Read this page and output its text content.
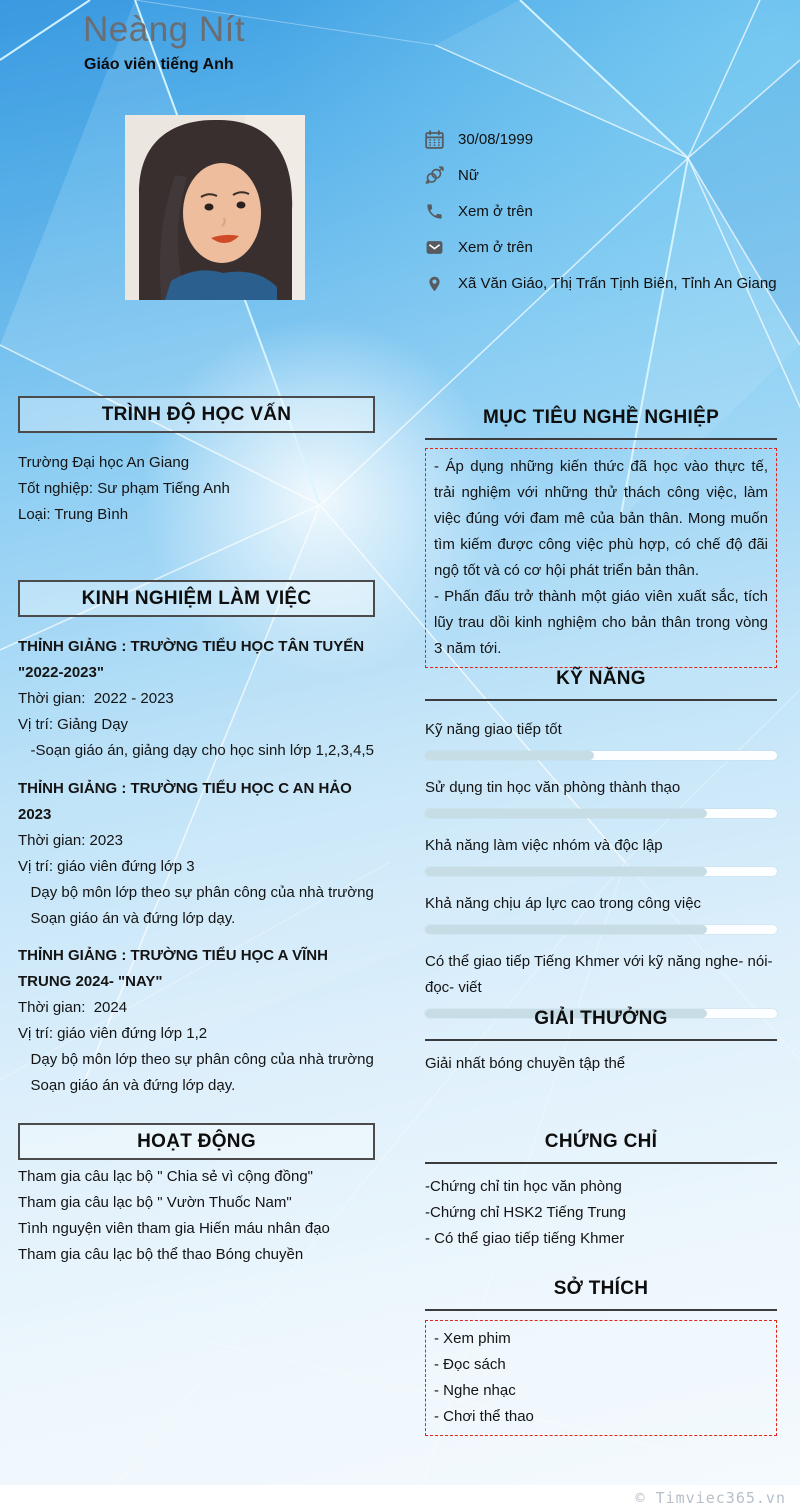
Neàng Nít
Giáo viên tiếng Anh
30/08/1999
Nữ
Xem ở trên
Xem ở trên
Xã Văn Giáo, Thị Trấn Tịnh Biên, Tỉnh An Giang
TRÌNH ĐỘ HỌC VẤN
Trường Đại học An Giang
Tốt nghiệp: Sư phạm Tiếng Anh
Loại: Trung Bình
KINH NGHIỆM LÀM VIỆC
THỈNH GIẢNG : TRƯỜNG TIỂU HỌC TÂN TUYẾN "2022-2023"
Thời gian:  2022 - 2023
Vị trí: Giảng Dạy
-Soạn giáo án, giảng dạy cho học sinh lớp 1,2,3,4,5
THỈNH GIẢNG : TRƯỜNG TIỂU HỌC C AN HẢO 2023
Thời gian: 2023
Vị trí: giáo viên đứng lớp 3
Dạy bộ môn lớp theo sự phân công của nhà trường
Soạn giáo án và đứng lớp dạy.
THỈNH GIẢNG : TRƯỜNG TIỂU HỌC A VĨNH TRUNG 2024- "NAY"
Thời gian:  2024
Vị trí: giáo viên đứng lớp 1,2
Dạy bộ môn lớp theo sự phân công của nhà trường
Soạn giáo án và đứng lớp dạy.
HOẠT ĐỘNG
Tham gia câu lạc bộ " Chia sẻ vì cộng đồng"
Tham gia câu lạc bộ " Vườn Thuốc Nam"
Tình nguyện viên tham gia Hiến máu nhân đạo
Tham gia câu lạc bộ thể thao Bóng chuyền
MỤC TIÊU NGHỀ NGHIỆP
- Áp dụng những kiến thức đã học vào thực tế, trải nghiệm với những thử thách công việc, làm việc đúng với đam mê của bản thân. Mong muốn tìm kiếm được công việc phù hợp, có chế độ đãi ngộ tốt và có cơ hội phát triển bản thân.
- Phấn đấu trở thành một giáo viên xuất sắc, tích lũy trau dồi kinh nghiệm cho bản thân trong vòng 3 năm tới.
KỸ NĂNG
Kỹ năng giao tiếp tốt
Sử dụng tin học văn phòng thành thạo
Khả năng làm việc nhóm và độc lập
Khả năng chịu áp lực cao trong công việc
Có thể giao tiếp Tiếng Khmer với kỹ năng nghe- nói- đọc- viết
GIẢI THƯỞNG
Giải nhất bóng chuyền tập thể
CHỨNG CHỈ
-Chứng chỉ tin học văn phòng
-Chứng chỉ HSK2 Tiếng Trung
- Có thể giao tiếp tiếng Khmer
SỞ THÍCH
- Xem phim
- Đọc sách
- Nghe nhạc
- Chơi thể thao
© Timviec365.vn
